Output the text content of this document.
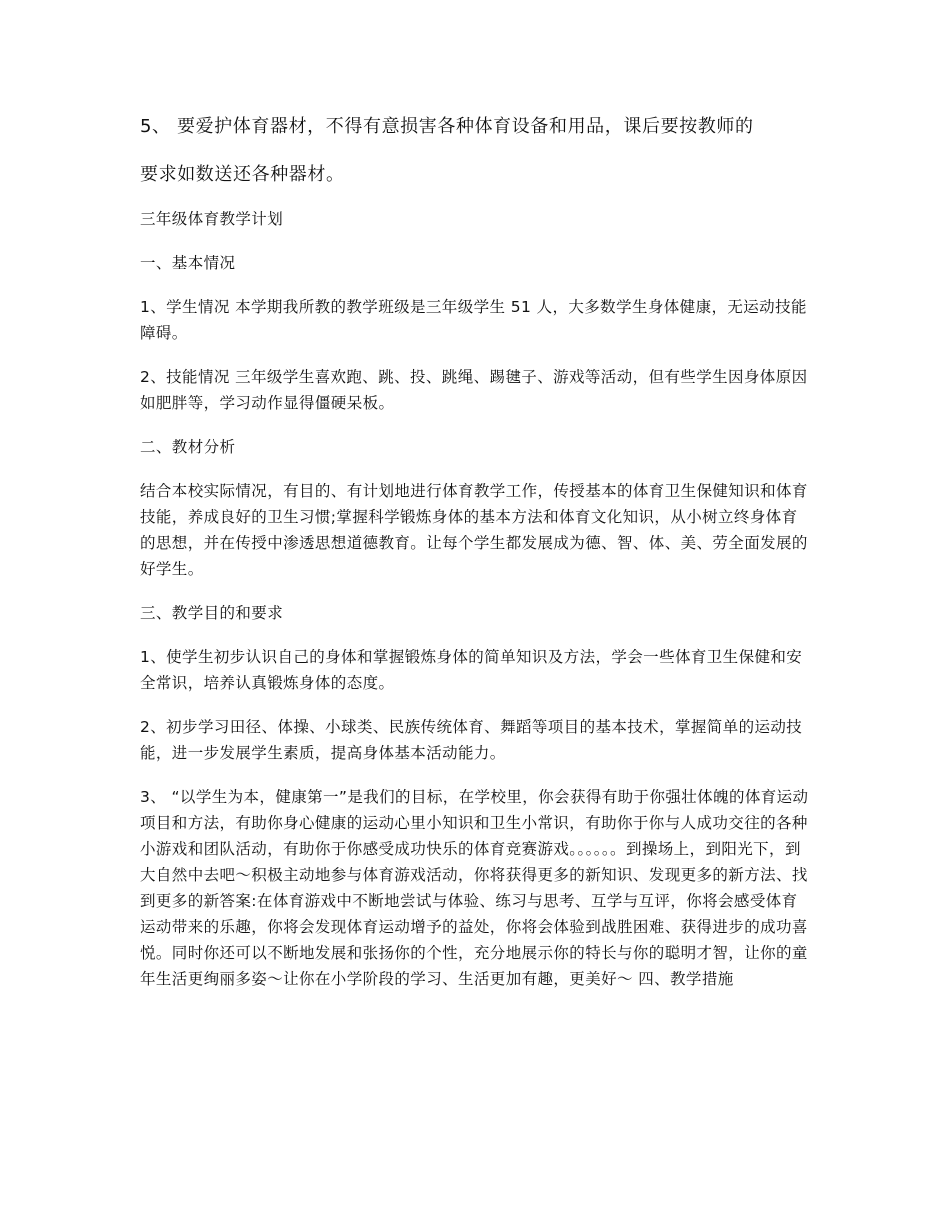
5、 要爱护体育器材，不得有意损害各种体育设备和用品，课后要按教师的

要求如数送还各种器材。

三年级体育教学计划

一、基本情况

1、学生情况 本学期我所教的教学班级是三年级学生 51 人，大多数学生身体健康，无运动技能障碍。

2、技能情况 三年级学生喜欢跑、跳、投、跳绳、踢毽子、游戏等活动，但有些学生因身体原因如肥胖等，学习动作显得僵硬呆板。

二、教材分析

结合本校实际情况，有目的、有计划地进行体育教学工作，传授基本的体育卫生保健知识和体育技能，养成良好的卫生习惯;掌握科学锻炼身体的基本方法和体育文化知识，从小树立终身体育的思想，并在传授中渗透思想道德教育。让每个学生都发展成为德、智、体、美、劳全面发展的好学生。

三、教学目的和要求

1、使学生初步认识自己的身体和掌握锻炼身体的简单知识及方法，学会一些体育卫生保健和安全常识，培养认真锻炼身体的态度。

2、初步学习田径、体操、小球类、民族传统体育、舞蹈等项目的基本技术，掌握简单的运动技能，进一步发展学生素质，提高身体基本活动能力。

3、 “以学生为本，健康第一”是我们的目标，在学校里，你会获得有助于你强壮体魄的体育运动项目和方法，有助你身心健康的运动心里小知识和卫生小常识，有助你于你与人成功交往的各种小游戏和团队活动，有助你于你感受成功快乐的体育竞赛游戏。。。。。。到操场上，到阳光下，到大自然中去吧～积极主动地参与体育游戏活动，你将获得更多的新知识、发现更多的新方法、找到更多的新答案:在体育游戏中不断地尝试与体验、练习与思考、互学与互评，你将会感受体育运动带来的乐趣，你将会发现体育运动增予的益处，你将会体验到战胜困难、获得进步的成功喜悦。同时你还可以不断地发展和张扬你的个性，充分地展示你的特长与你的聪明才智，让你的童年生活更绚丽多姿～让你在小学阶段的学习、生活更加有趣，更美好～ 四、教学措施
